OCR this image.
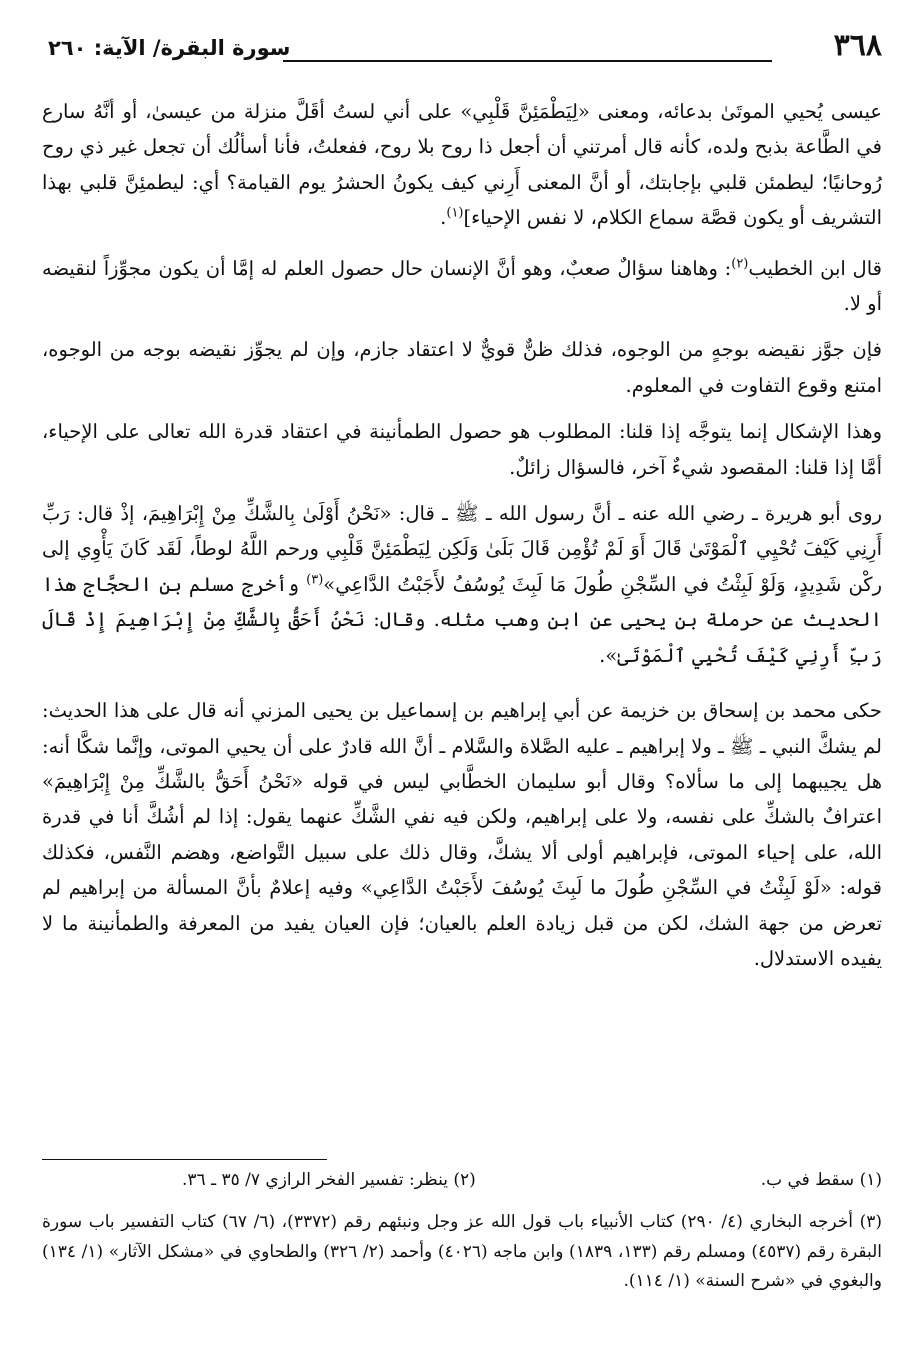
٣٦٨
سورة البقرة/ الآية: ٢٦٠

عيسى يُحيي الموتَىٰ بدعائه، ومعنى «لِيَطْمَئِنَّ قَلْبِي» على أني لستُ أقَلَّ منزلة من عيسىٰ، أو أنَّهُ سارع في الطَّاعة بذبح ولده، كأنه قال أمرتني أن أجعل ذا روح بلا روح، ففعلتُ، فأنا أسألُك أن تجعل غير ذي روح رُوحانيًا؛ ليطمئن قلبي بإجابتك، أو أنَّ المعنى أَرِني كيف يكونُ الحشرُ يوم القيامة؟ أي: ليطمئِنَّ قلبي بهذا التشريف أو يكون قصَّة سماع الكلام، لا نفس الإحياء]$^{(١)}$.

قال ابن الخطيب$^{(٢)}$: وهاهنا سؤالٌ صعبٌ، وهو أنَّ الإنسان حال حصول العلم له إمَّا أن يكون مجوِّزاً لنقيضه أو لا.

فإن جوَّز نقيضه بوجهٍ من الوجوه، فذلك ظنٌّ قويٌّ لا اعتقاد جازم، وإن لم يجوِّز نقيضه بوجه من الوجوه، امتنع وقوع التفاوت في المعلوم.

وهذا الإشكال إنما يتوجَّه إذا قلنا: المطلوب هو حصول الطمأنينة في اعتقاد قدرة الله تعالى على الإحياء، أمَّا إذا قلنا: المقصود شيءٌ آخر، فالسؤال زائلٌ.

روى أبو هريرة ـ رضي الله عنه ـ أنَّ رسول الله ـ ﷺ ـ قال: «نَحْنُ أَوْلَىٰ بِالشَّكِّ مِنْ إِبْرَاهِيمَ، إذْ قال: رَبِّ أَرِنِي كَيْفَ تُحْيِي ٱلْمَوْتَىٰ قَالَ أَوَ لَمْ تُؤْمِن قَالَ بَلَىٰ وَلَكِن لِيَطْمَئِنَّ قَلْبِي ورحم اللَّهُ لوطاً، لَقَد كَانَ يَأْوِي إلى ركْن شَدِيدٍ، وَلَوْ لَبِثْتُ في السِّجْنِ طُولَ مَا لَبِثَ يُوسُفُ لأَجَبْتُ الدَّاعِي»$^{(٣)}$ وأخرج مسلم بن الحجَّاج هذا الحديث عن حرملة بن يحيى عن ابن وهب مثله. وقال: نَحْنُ أَحَقُّ بِالشَّكِّ مِنْ إِبْرَاهِيمَ إِذْ قَالَ رَبِّ أَرِنِي كَيْفَ تُحْيِي ٱلْمَوْتَىٰ».

حكى محمد بن إسحاق بن خزيمة عن أبي إبراهيم بن إسماعيل بن يحيى المزني أنه قال على هذا الحديث: لم يشكَّ النبي ـ ﷺ ـ ولا إبراهيم ـ عليه الصَّلاة والسَّلام ـ أنَّ الله قادرٌ على أن يحيي الموتى، وإنَّما شكَّا أنه: هل يجيبهما إلى ما سألاه؟ وقال أبو سليمان الخطَّابي ليس في قوله «نَحْنُ أَحَقُّ بالشَّكِّ مِنْ إِبْرَاهِيمَ» اعترافٌ بالشكِّ على نفسه، ولا على إبراهيم، ولكن فيه نفي الشَّكِّ عنهما يقول: إذا لم أشُكَّ أنا في قدرة الله، على إحياء الموتى، فإبراهيم أولى ألا يشكَّ، وقال ذلك على سبيل التَّواضع، وهضم النَّفس، فكذلك قوله: «لَوْ لَبِثْتُ في السِّجْنِ طُولَ ما لَبِثَ يُوسُفَ لأَجَبْتُ الدَّاعِي» وفيه إعلامٌ بأنَّ المسألة من إبراهيم لم تعرض من جهة الشك، لكن من قبل زيادة العلم بالعيان؛ فإن العيان يفيد من المعرفة والطمأنينة ما لا يفيده الاستدلال.

(١) سقط في ب.
(٢) ينظر: تفسير الفخر الرازي ٧/ ٣٥ ـ ٣٦.
(٣) أخرجه البخاري (٤/ ٢٩٠) كتاب الأنبياء باب قول الله عز وجل ونبئهم رقم (٣٣٧٢)، (٦/ ٦٧) كتاب التفسير باب سورة البقرة رقم (٤٥٣٧) ومسلم رقم (١٣٣، ١٨٣٩) وابن ماجه (٤٠٢٦) وأحمد (٢/ ٣٢٦) والطحاوي في «مشكل الآثار» (١/ ١٣٤) والبغوي في «شرح السنة» (١/ ١١٤).
